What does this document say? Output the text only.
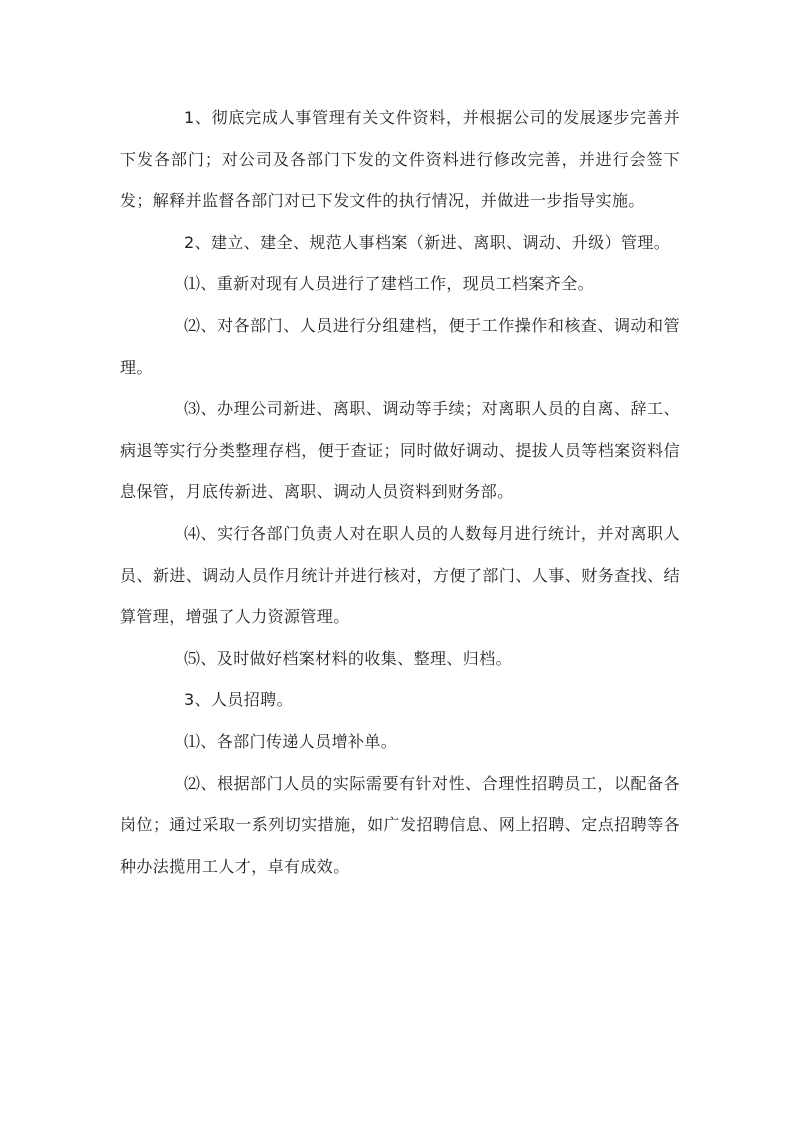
1、彻底完成人事管理有关文件资料，并根据公司的发展逐步完善并下发各部门；对公司及各部门下发的文件资料进行修改完善，并进行会签下发；解释并监督各部门对已下发文件的执行情况，并做进一步指导实施。

2、建立、建全、规范人事档案（新进、离职、调动、升级）管理。

⑴、重新对现有人员进行了建档工作，现员工档案齐全。

⑵、对各部门、人员进行分组建档，便于工作操作和核查、调动和管理。

⑶、办理公司新进、离职、调动等手续；对离职人员的自离、辞工、病退等实行分类整理存档，便于查证；同时做好调动、提拔人员等档案资料信息保管，月底传新进、离职、调动人员资料到财务部。

⑷、实行各部门负责人对在职人员的人数每月进行统计，并对离职人员、新进、调动人员作月统计并进行核对，方便了部门、人事、财务查找、结算管理，增强了人力资源管理。

⑸、及时做好档案材料的收集、整理、归档。

3、人员招聘。

⑴、各部门传递人员增补单。

⑵、根据部门人员的实际需要有针对性、合理性招聘员工，以配备各岗位；通过采取一系列切实措施，如广发招聘信息、网上招聘、定点招聘等各种办法揽用工人才，卓有成效。
